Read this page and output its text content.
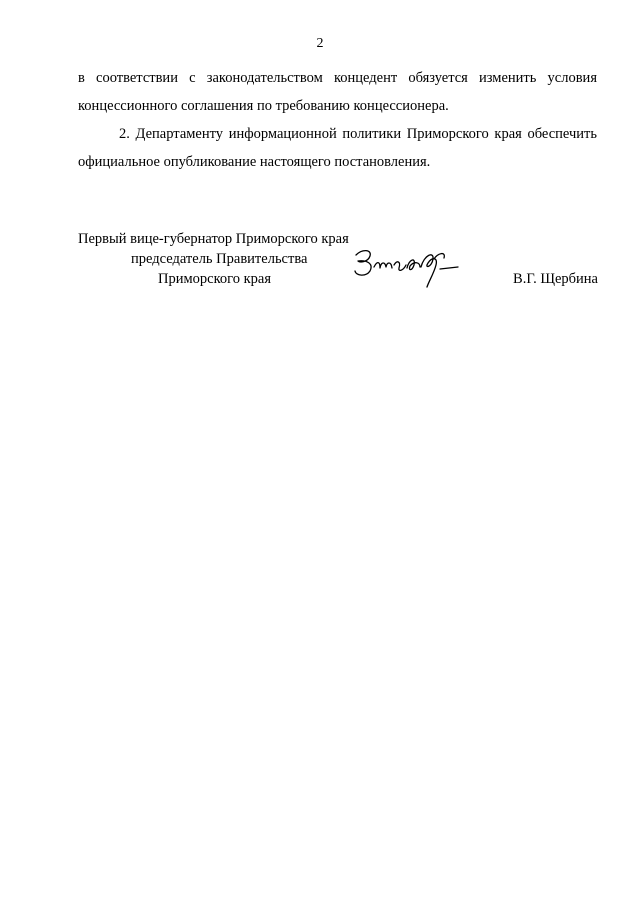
2

в соответствии с законодательством концедент обязуется изменить условия концессионного соглашения по требованию концессионера.

2. Департаменту информационной политики Приморского края обеспечить официальное опубликование настоящего постановления.

Первый вице-губернатор Приморского края
председатель Правительства
Приморского края	В.Г. Щербина
